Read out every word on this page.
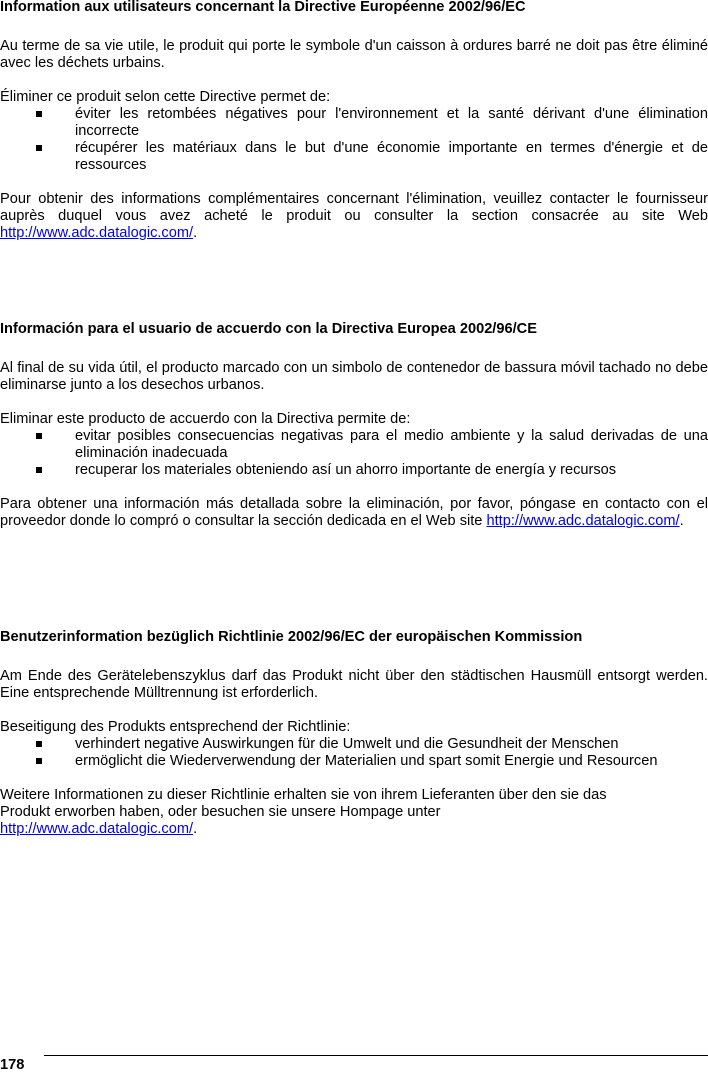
Information aux utilisateurs concernant la Directive Européenne 2002/96/EC

Au terme de sa vie utile, le produit qui porte le symbole d'un caisson à ordures barré ne doit pas être éliminé avec les déchets urbains.

Éliminer ce produit selon cette Directive permet de:
éviter les retombées négatives pour l'environnement et la santé dérivant d'une élimination incorrecte
récupérer les matériaux dans le but d'une économie importante en termes d'énergie et de ressources

Pour obtenir des informations complémentaires concernant l'élimination, veuillez contacter le fournisseur auprès duquel vous avez acheté le produit ou consulter la section consacrée au site Web http://www.adc.datalogic.com/.

Información para el usuario de accuerdo con la Directiva Europea 2002/96/CE

Al final de su vida útil, el producto marcado con un simbolo de contenedor de bassura móvil tachado no debe eliminarse junto a los desechos urbanos.

Eliminar este producto de accuerdo con la Directiva permite de:
evitar posibles consecuencias negativas para el medio ambiente y la salud derivadas de una eliminación inadecuada
recuperar los materiales obteniendo así un ahorro importante de energía y recursos

Para obtener una información más detallada sobre la eliminación, por favor, póngase en contacto con el proveedor donde lo compró o consultar la sección dedicada en el Web site http://www.adc.datalogic.com/.

Benutzerinformation bezüglich Richtlinie 2002/96/EC der europäischen Kommission

Am Ende des Gerätelebenszyklus darf das Produkt nicht über den städtischen Hausmüll entsorgt werden. Eine entsprechende Mülltrennung ist erforderlich.

Beseitigung des Produkts entsprechend der Richtlinie:
verhindert negative Auswirkungen für die Umwelt und die Gesundheit der Menschen
ermöglicht die Wiederverwendung der Materialien und spart somit Energie und Resourcen
Weitere Informationen zu dieser Richtlinie erhalten sie von ihrem Lieferanten über den sie das
Produkt erworben haben, oder besuchen sie unsere Hompage unter
http://www.adc.datalogic.com/.
178
